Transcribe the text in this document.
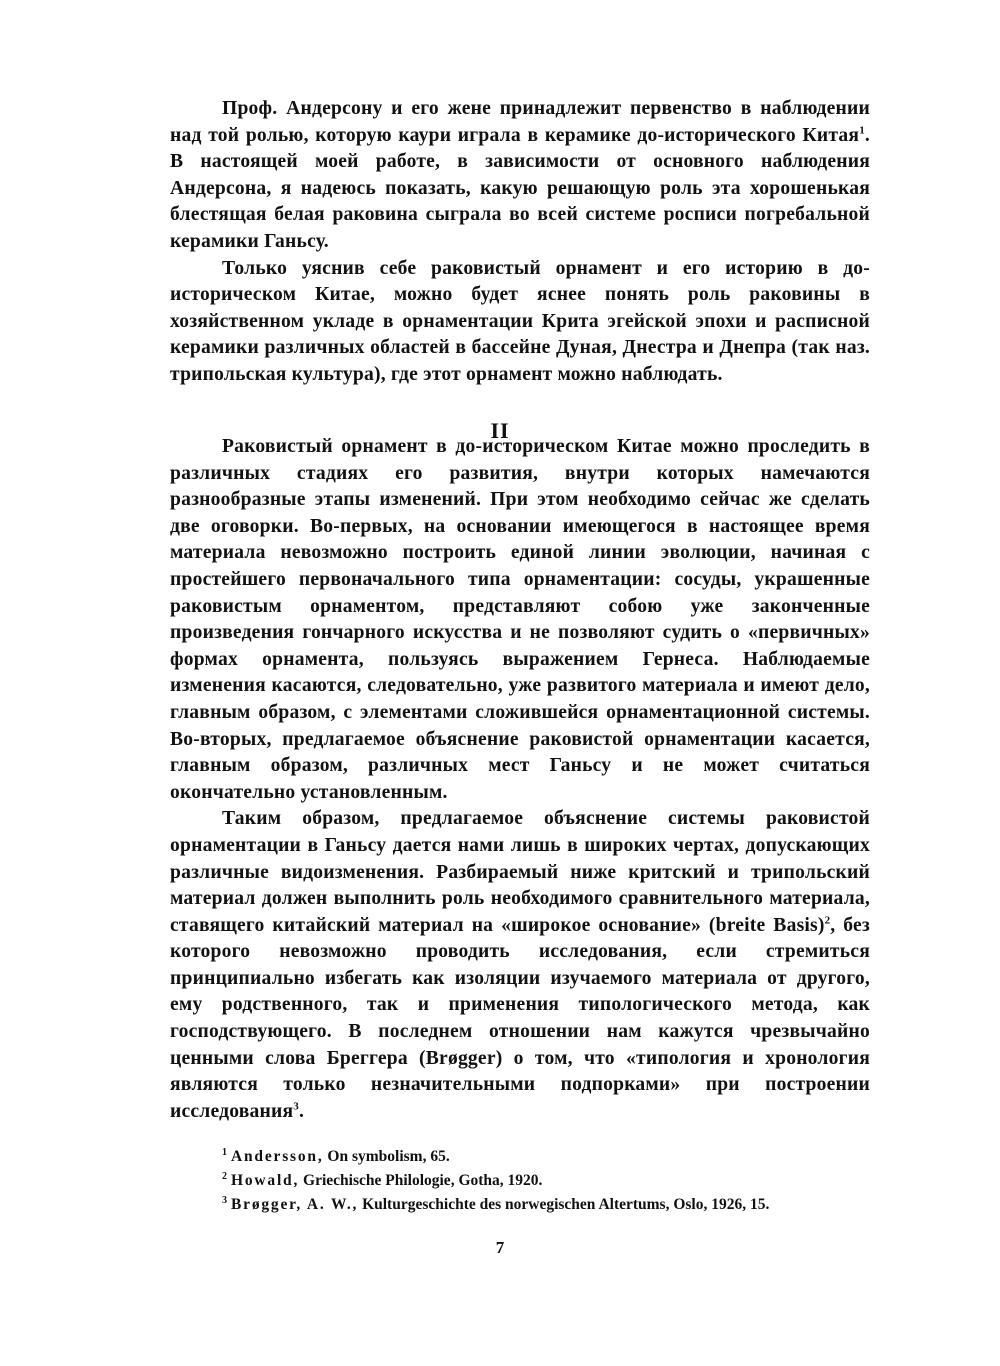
Проф. Андерсону и его жене принадлежит первенство в наблюдении над той ролью, которую каури играла в керамике до-исторического Китая$^1$. В настоящей моей работе, в зависимости от основного наблюдения Андерсона, я надеюсь показать, какую решающую роль эта хорошенькая блестящая белая раковина сыграла во всей системе росписи погребальной керамики Ганьсу.

Только уяснив себе раковистый орнамент и его историю в до-историческом Китае, можно будет яснее понять роль раковины в хозяйственном укладе в орнаментации Крита эгейской эпохи и расписной керамики различных областей в бассейне Дуная, Днестра и Днепра (так наз. трипольская культура), где этот орнамент можно наблюдать.

II

Раковистый орнамент в до-историческом Китае можно проследить в различных стадиях его развития, внутри которых намечаются разнообразные этапы изменений. При этом необходимо сейчас же сделать две оговорки. Во-первых, на основании имеющегося в настоящее время материала невозможно построить единой линии эволюции, начиная с простейшего первоначального типа орнаментации: сосуды, украшенные раковистым орнаментом, представляют собою уже законченные произведения гончарного искусства и не позволяют судить о «первичных» формах орнамента, пользуясь выражением Гернеса. Наблюдаемые изменения касаются, следовательно, уже развитого материала и имеют дело, главным образом, с элементами сложившейся орнаментационной системы. Во-вторых, предлагаемое объяснение раковистой орнаментации касается, главным образом, различных мест Ганьсу и не может считаться окончательно установленным.

Таким образом, предлагаемое объяснение системы раковистой орнаментации в Ганьсу дается нами лишь в широких чертах, допускающих различные видоизменения. Разбираемый ниже критский и трипольский материал должен выполнить роль необходимого сравнительного материала, ставящего китайский материал на «широкое основание» (breite Basis)$^2$, без которого невозможно проводить исследования, если стремиться принципиально избегать как изоляции изучаемого материала от другого, ему родственного, так и применения типологического метода, как господствующего. В последнем отношении нам кажутся чрезвычайно ценными слова Бреггера (Brøgger) о том, что «типология и хронология являются только незначительными подпорками» при построении исследования$^3$.

$^1$ Andersson, On symbolism, 65.

$^2$ Howald, Griechische Philologie, Gotha, 1920.

$^3$ Brøgger, A. W., Kulturgeschichte des norwegischen Altertums, Oslo, 1926, 15.

7
